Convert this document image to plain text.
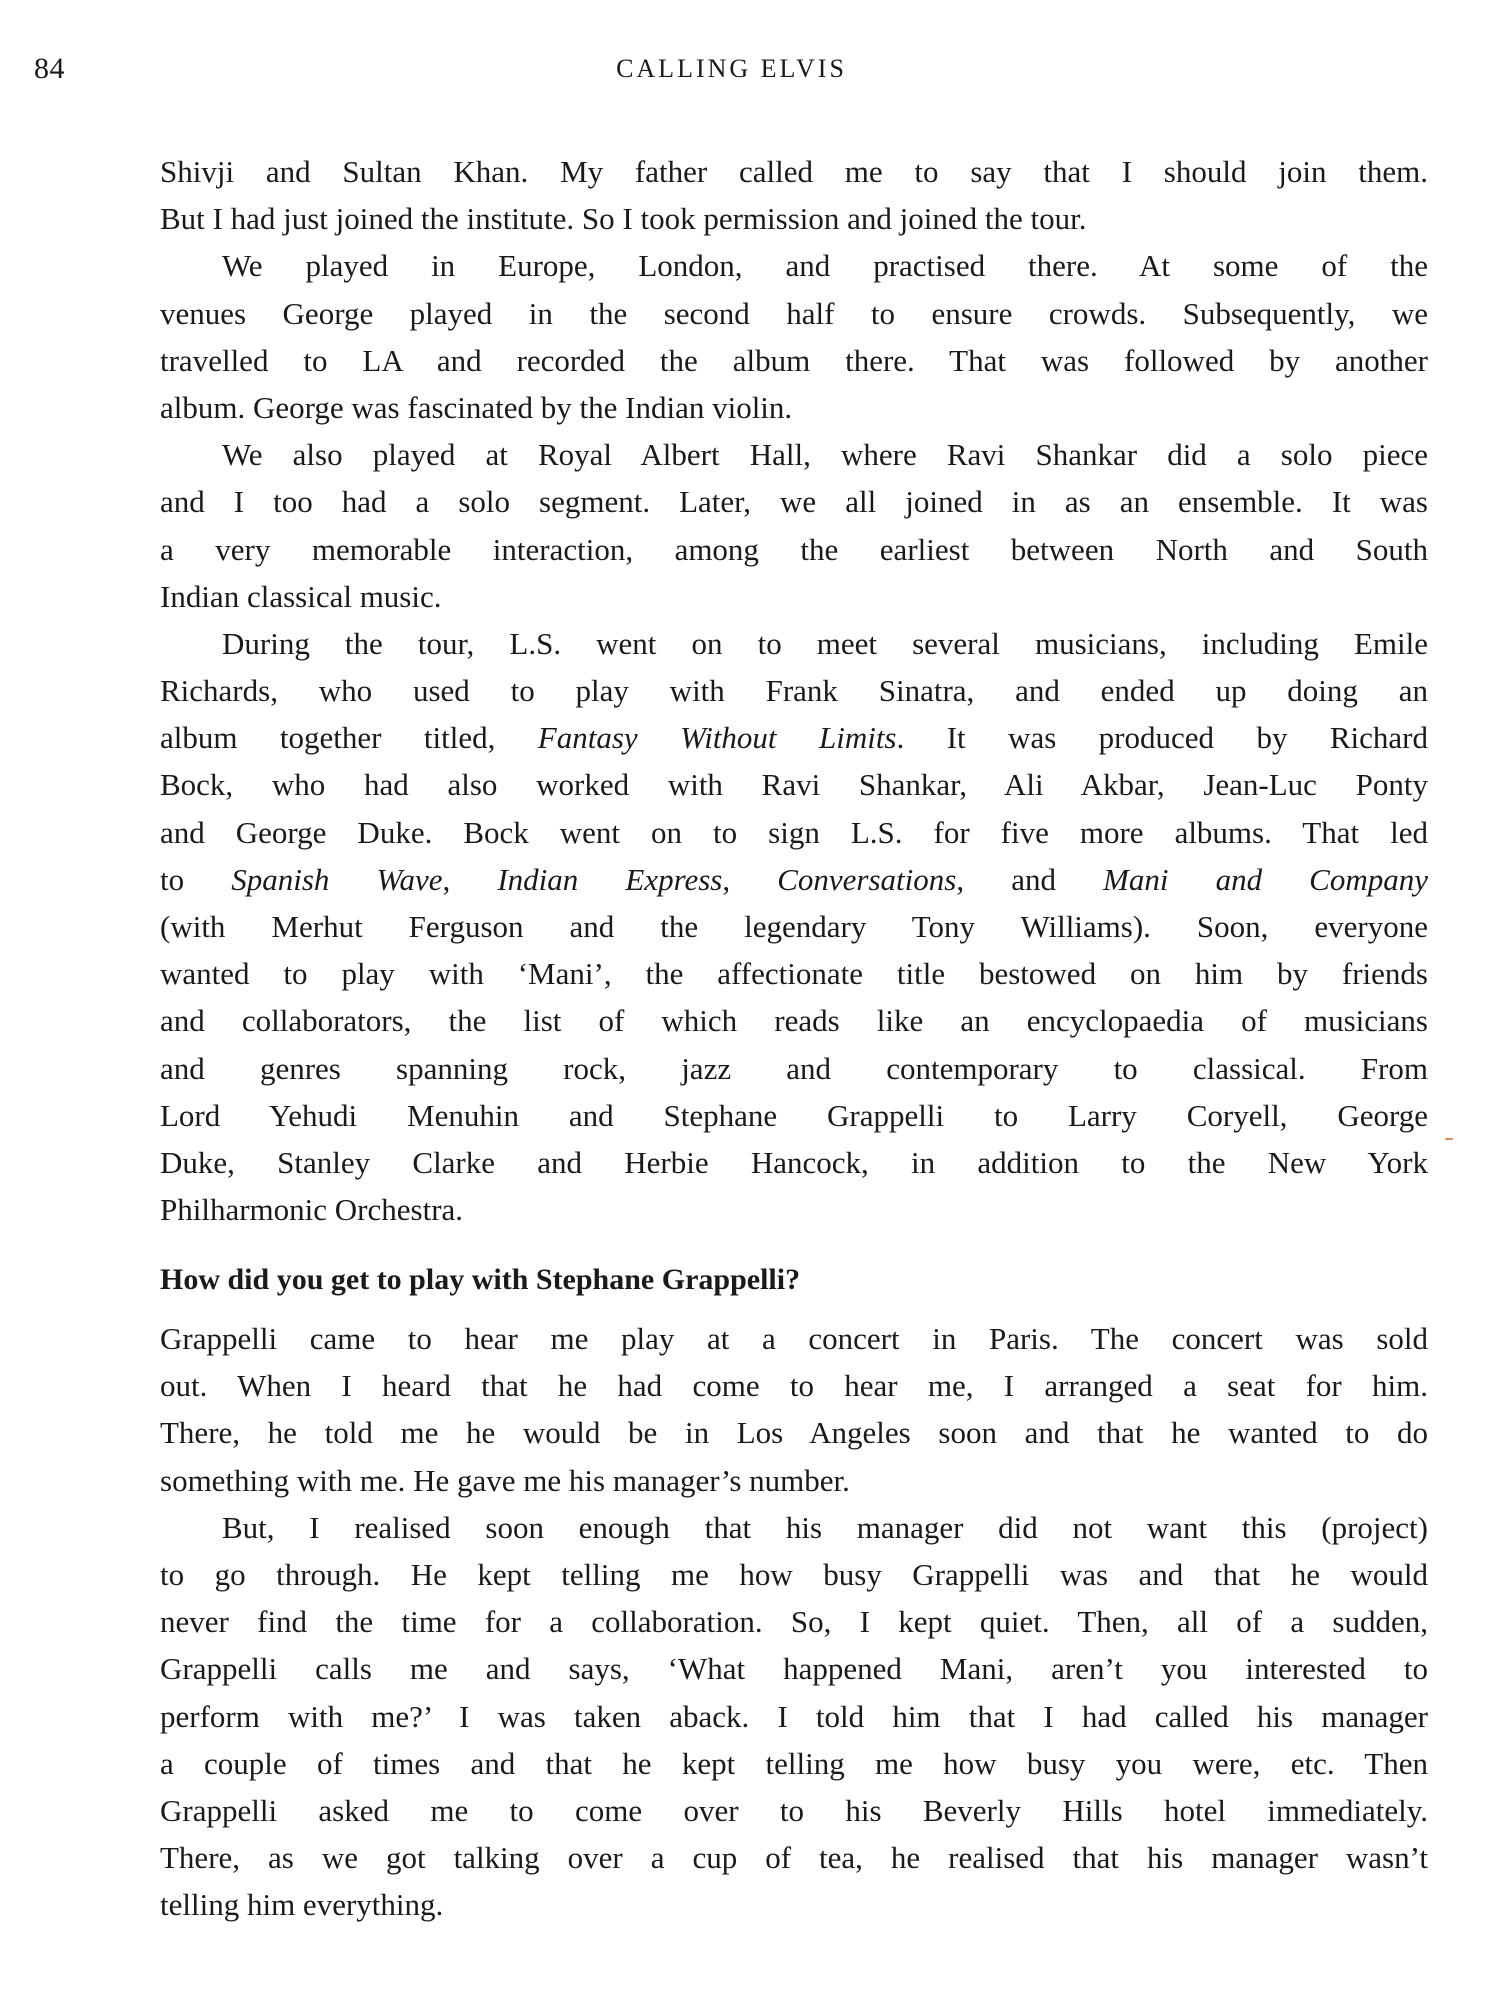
84	CALLING ELVIS
Shivji and Sultan Khan. My father called me to say that I should join them.
But I had just joined the institute. So I took permission and joined the tour.
We played in Europe, London, and practised there. At some of the
venues George played in the second half to ensure crowds. Subsequently, we
travelled to LA and recorded the album there. That was followed by another
album. George was fascinated by the Indian violin.
We also played at Royal Albert Hall, where Ravi Shankar did a solo piece
and I too had a solo segment. Later, we all joined in as an ensemble. It was
a very memorable interaction, among the earliest between North and South
Indian classical music.
During the tour, L.S. went on to meet several musicians, including Emile
Richards, who used to play with Frank Sinatra, and ended up doing an
album together titled, Fantasy Without Limits. It was produced by Richard
Bock, who had also worked with Ravi Shankar, Ali Akbar, Jean-Luc Ponty
and George Duke. Bock went on to sign L.S. for five more albums. That led
to Spanish Wave, Indian Express, Conversations, and Mani and Company
(with Merhut Ferguson and the legendary Tony Williams). Soon, everyone
wanted to play with ‘Mani’, the affectionate title bestowed on him by friends
and collaborators, the list of which reads like an encyclopaedia of musicians
and genres spanning rock, jazz and contemporary to classical. From
Lord Yehudi Menuhin and Stephane Grappelli to Larry Coryell, George
Duke, Stanley Clarke and Herbie Hancock, in addition to the New York
Philharmonic Orchestra.
How did you get to play with Stephane Grappelli?
Grappelli came to hear me play at a concert in Paris. The concert was sold
out. When I heard that he had come to hear me, I arranged a seat for him.
There, he told me he would be in Los Angeles soon and that he wanted to do
something with me. He gave me his manager’s number.
But, I realised soon enough that his manager did not want this (project)
to go through. He kept telling me how busy Grappelli was and that he would
never find the time for a collaboration. So, I kept quiet. Then, all of a sudden,
Grappelli calls me and says, ‘What happened Mani, aren’t you interested to
perform with me?’ I was taken aback. I told him that I had called his manager
a couple of times and that he kept telling me how busy you were, etc. Then
Grappelli asked me to come over to his Beverly Hills hotel immediately.
There, as we got talking over a cup of tea, he realised that his manager wasn’t
telling him everything.
